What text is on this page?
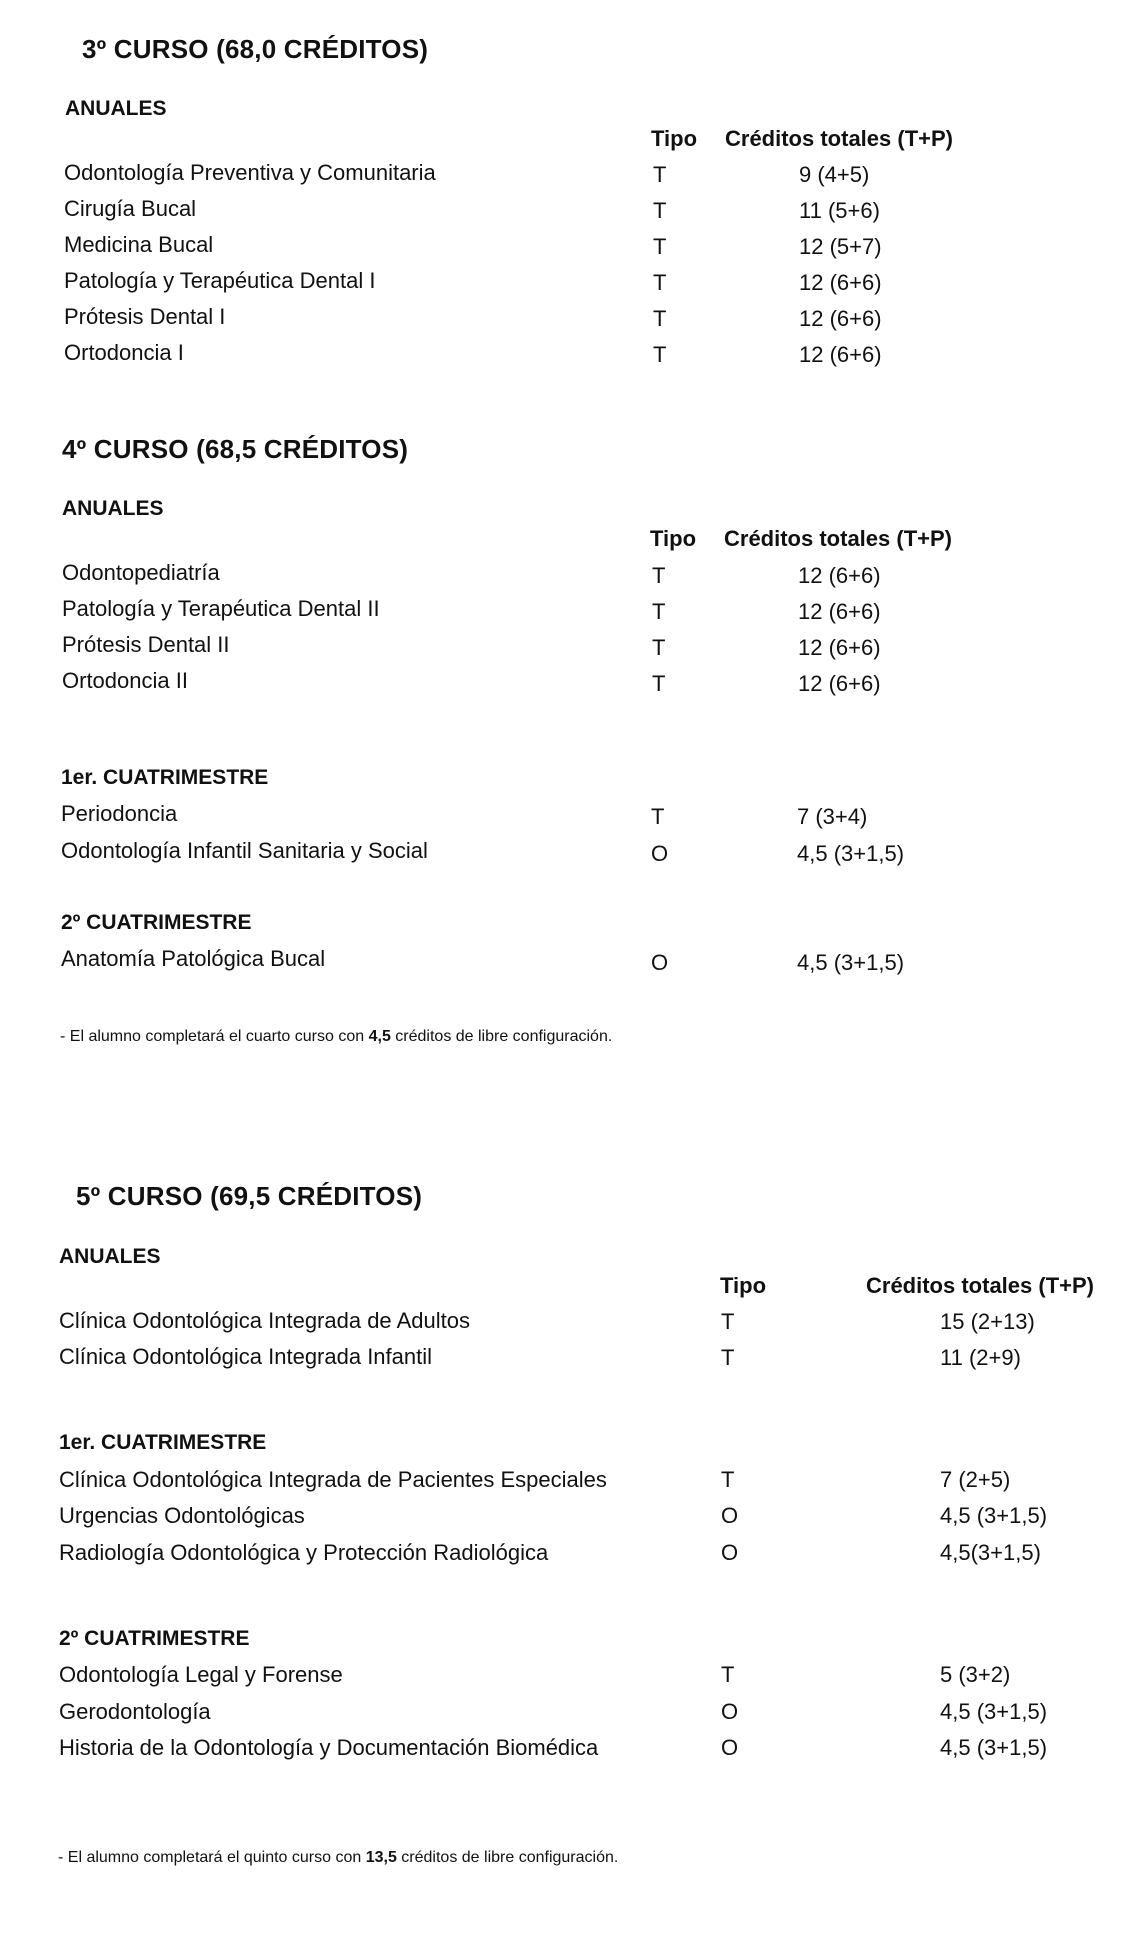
3º CURSO (68,0 CRÉDITOS)
ANUALES
Tipo Créditos totales (T+P)
Odontología Preventiva y Comunitaria	T	9 (4+5)
Cirugía Bucal	T	11 (5+6)
Medicina Bucal	T	12 (5+7)
Patología y Terapéutica Dental I	T	12 (6+6)
Prótesis Dental I	T	12 (6+6)
Ortodoncia I	T	12 (6+6)
4º CURSO (68,5 CRÉDITOS)
ANUALES
Tipo Créditos totales (T+P)
Odontopediatría	T	12 (6+6)
Patología y Terapéutica Dental II	T	12 (6+6)
Prótesis Dental II	T	12 (6+6)
Ortodoncia II	T	12 (6+6)
1er. CUATRIMESTRE
Periodoncia	T	7 (3+4)
Odontología Infantil Sanitaria y Social	O	4,5 (3+1,5)
2º CUATRIMESTRE
Anatomía Patológica Bucal	O	4,5 (3+1,5)
- El alumno completará el cuarto curso con 4,5 créditos de libre configuración.
5º CURSO (69,5 CRÉDITOS)
ANUALES
Tipo	Créditos totales (T+P)
Clínica Odontológica Integrada de Adultos	T	15 (2+13)
Clínica Odontológica Integrada Infantil	T	11 (2+9)
1er. CUATRIMESTRE
Clínica Odontológica Integrada de Pacientes Especiales	T	7 (2+5)
Urgencias Odontológicas	O	4,5 (3+1,5)
Radiología Odontológica y Protección Radiológica	O	4,5(3+1,5)
2º CUATRIMESTRE
Odontología Legal y Forense	T	5 (3+2)
Gerodontología	O	4,5 (3+1,5)
Historia de la Odontología y Documentación Biomédica	O	4,5 (3+1,5)
- El alumno completará el quinto curso con 13,5 créditos de libre configuración.
